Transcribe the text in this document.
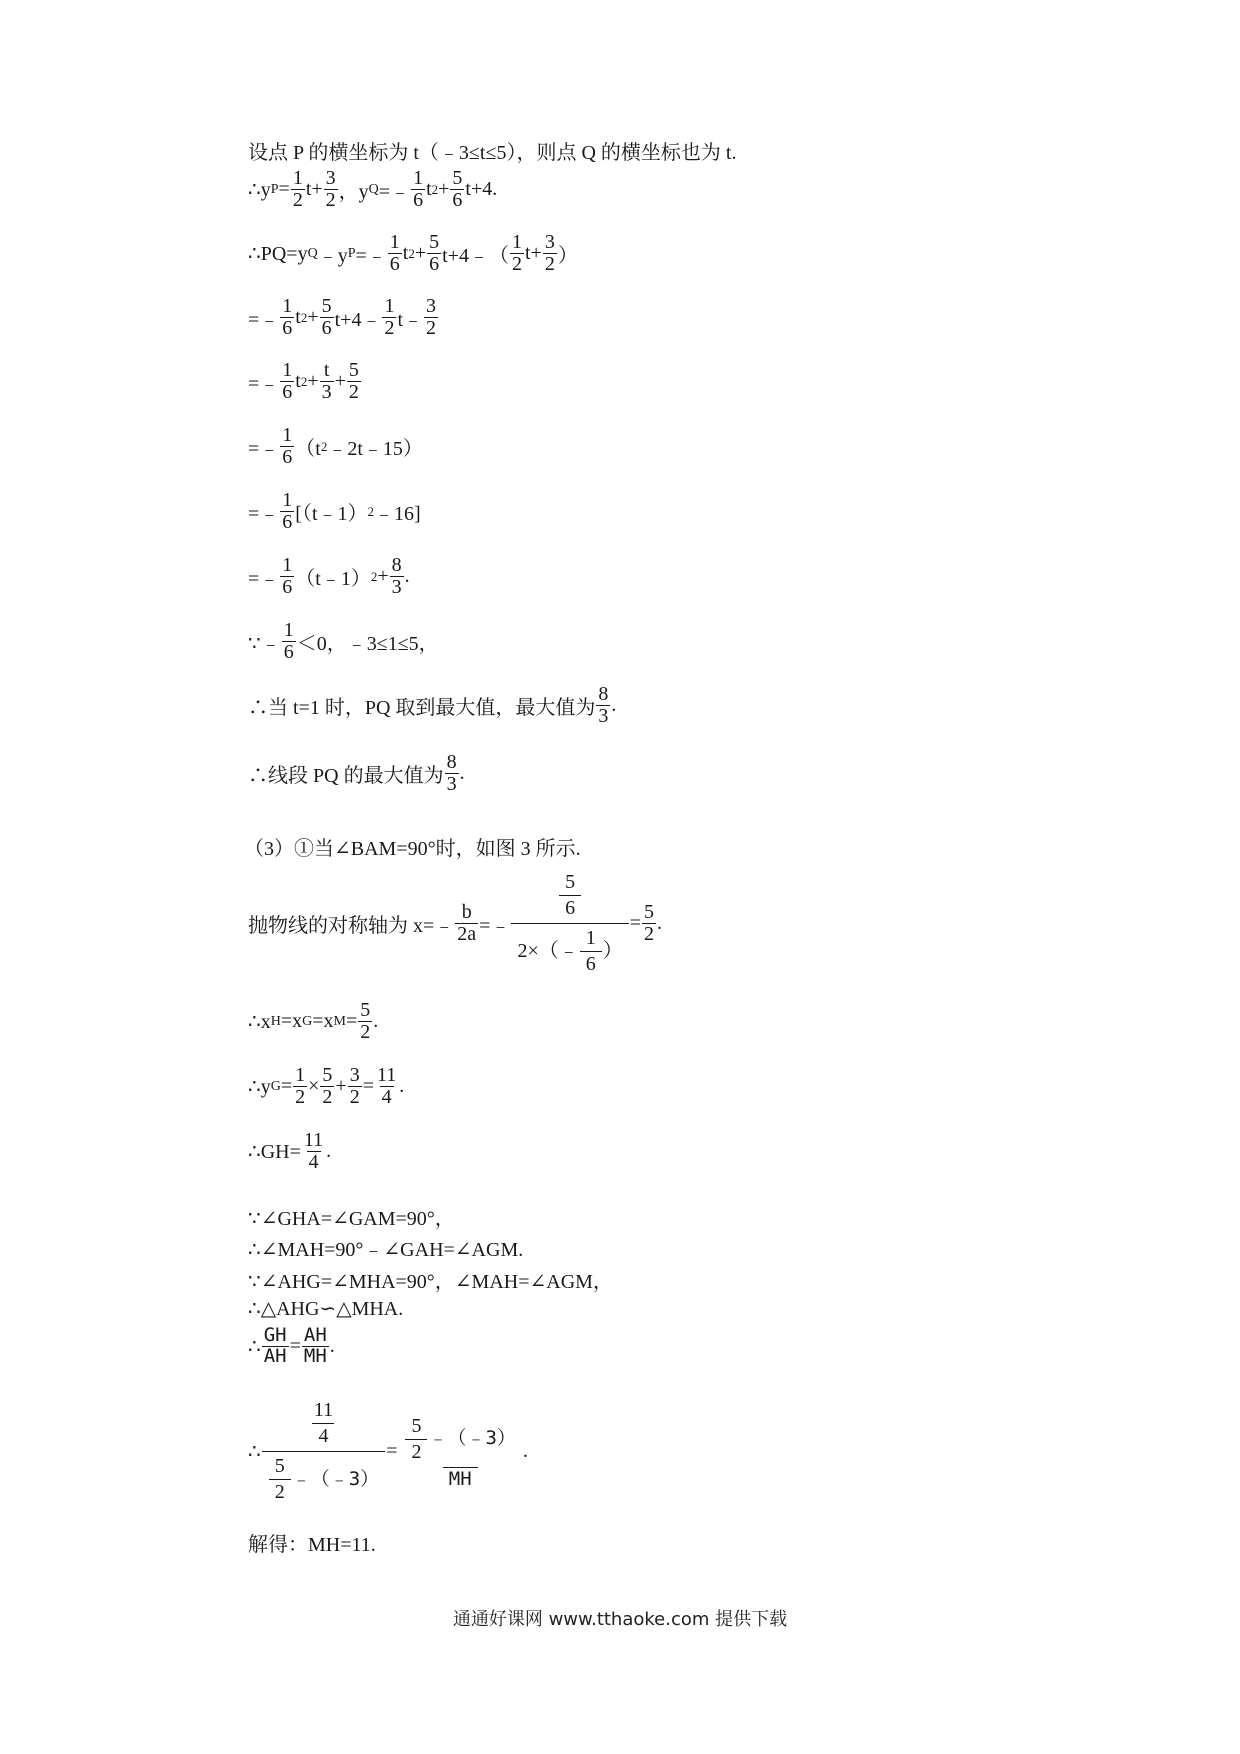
设点 P 的横坐标为 t（﹣3≤t≤5），则点 Q 的横坐标也为 t.
∴y $P = \frac{1}{2} t+ \frac{3}{2}$ ，y Q =﹣ $\frac{1}{6}$ t $2 + \frac{5}{6} t+4$.
∴PQ=y Q ﹣y P =﹣ $\frac{1}{6}$ t $2 + \frac{5}{6}$ t+4﹣（ $\frac{1}{2} t+ \frac{3}{2}$ ）
=﹣ $\frac{1}{6}$ t $2 + \frac{5}{6}$ t+4﹣ $\frac{1}{2}$ t﹣ $\frac{3}{2}$
=﹣ $\frac{1}{6}$ t $2 + \frac{t}{3} + \frac{5}{2}$
=﹣ $\frac{1}{6} (t$ 2 ﹣2t﹣15）
=﹣ $\frac{1}{6}$ [（t﹣1） 2 ﹣16]
=﹣ $\frac{1}{6}$ （t﹣1） $2 + \frac{8}{3}$ .
∵﹣ $\frac{1}{6} <0$，﹣3≤1≤5，
∴当 t=1 时，PQ 取到最大值，最大值为 $\frac{8}{3}$ .
∴线段 PQ 的最大值为 $\frac{8}{3}$ .
（3）①当∠BAM=90°时，如图 3 所示.
抛物线的对称轴为 x=﹣ $\frac{b}{2a}$ =﹣ $\frac{\frac{5}{6}}{2\times(﹣ \frac{1}{6} )} = \frac{5}{2}$ .
∴x H =x G =x $M = \frac{5}{2}$ .
∴y $G = \frac{1}{2} \times \frac{5}{2} + \frac{3}{2} = \frac{11}{4}$ .
∴GH= $\frac{11}{4}$ .
∵∠GHA=∠GAM=90°，
∴∠MAH=90°﹣∠GAH=∠AGM.
∵∠AHG=∠MHA=90°，∠MAH=∠AGM，
∴△AHG∽△MHA.
∴ $\frac{GH}{AH} = \frac{AH}{MH}$ .
∴ $\frac{\frac{11}{4}}{\frac{5}{2} ﹣(﹣3)} = \frac{\frac{5}{2} ﹣(﹣3)}{MH}$ .
解得：MH=11.
通通好课网 www.tthaoke.com 提供下载
